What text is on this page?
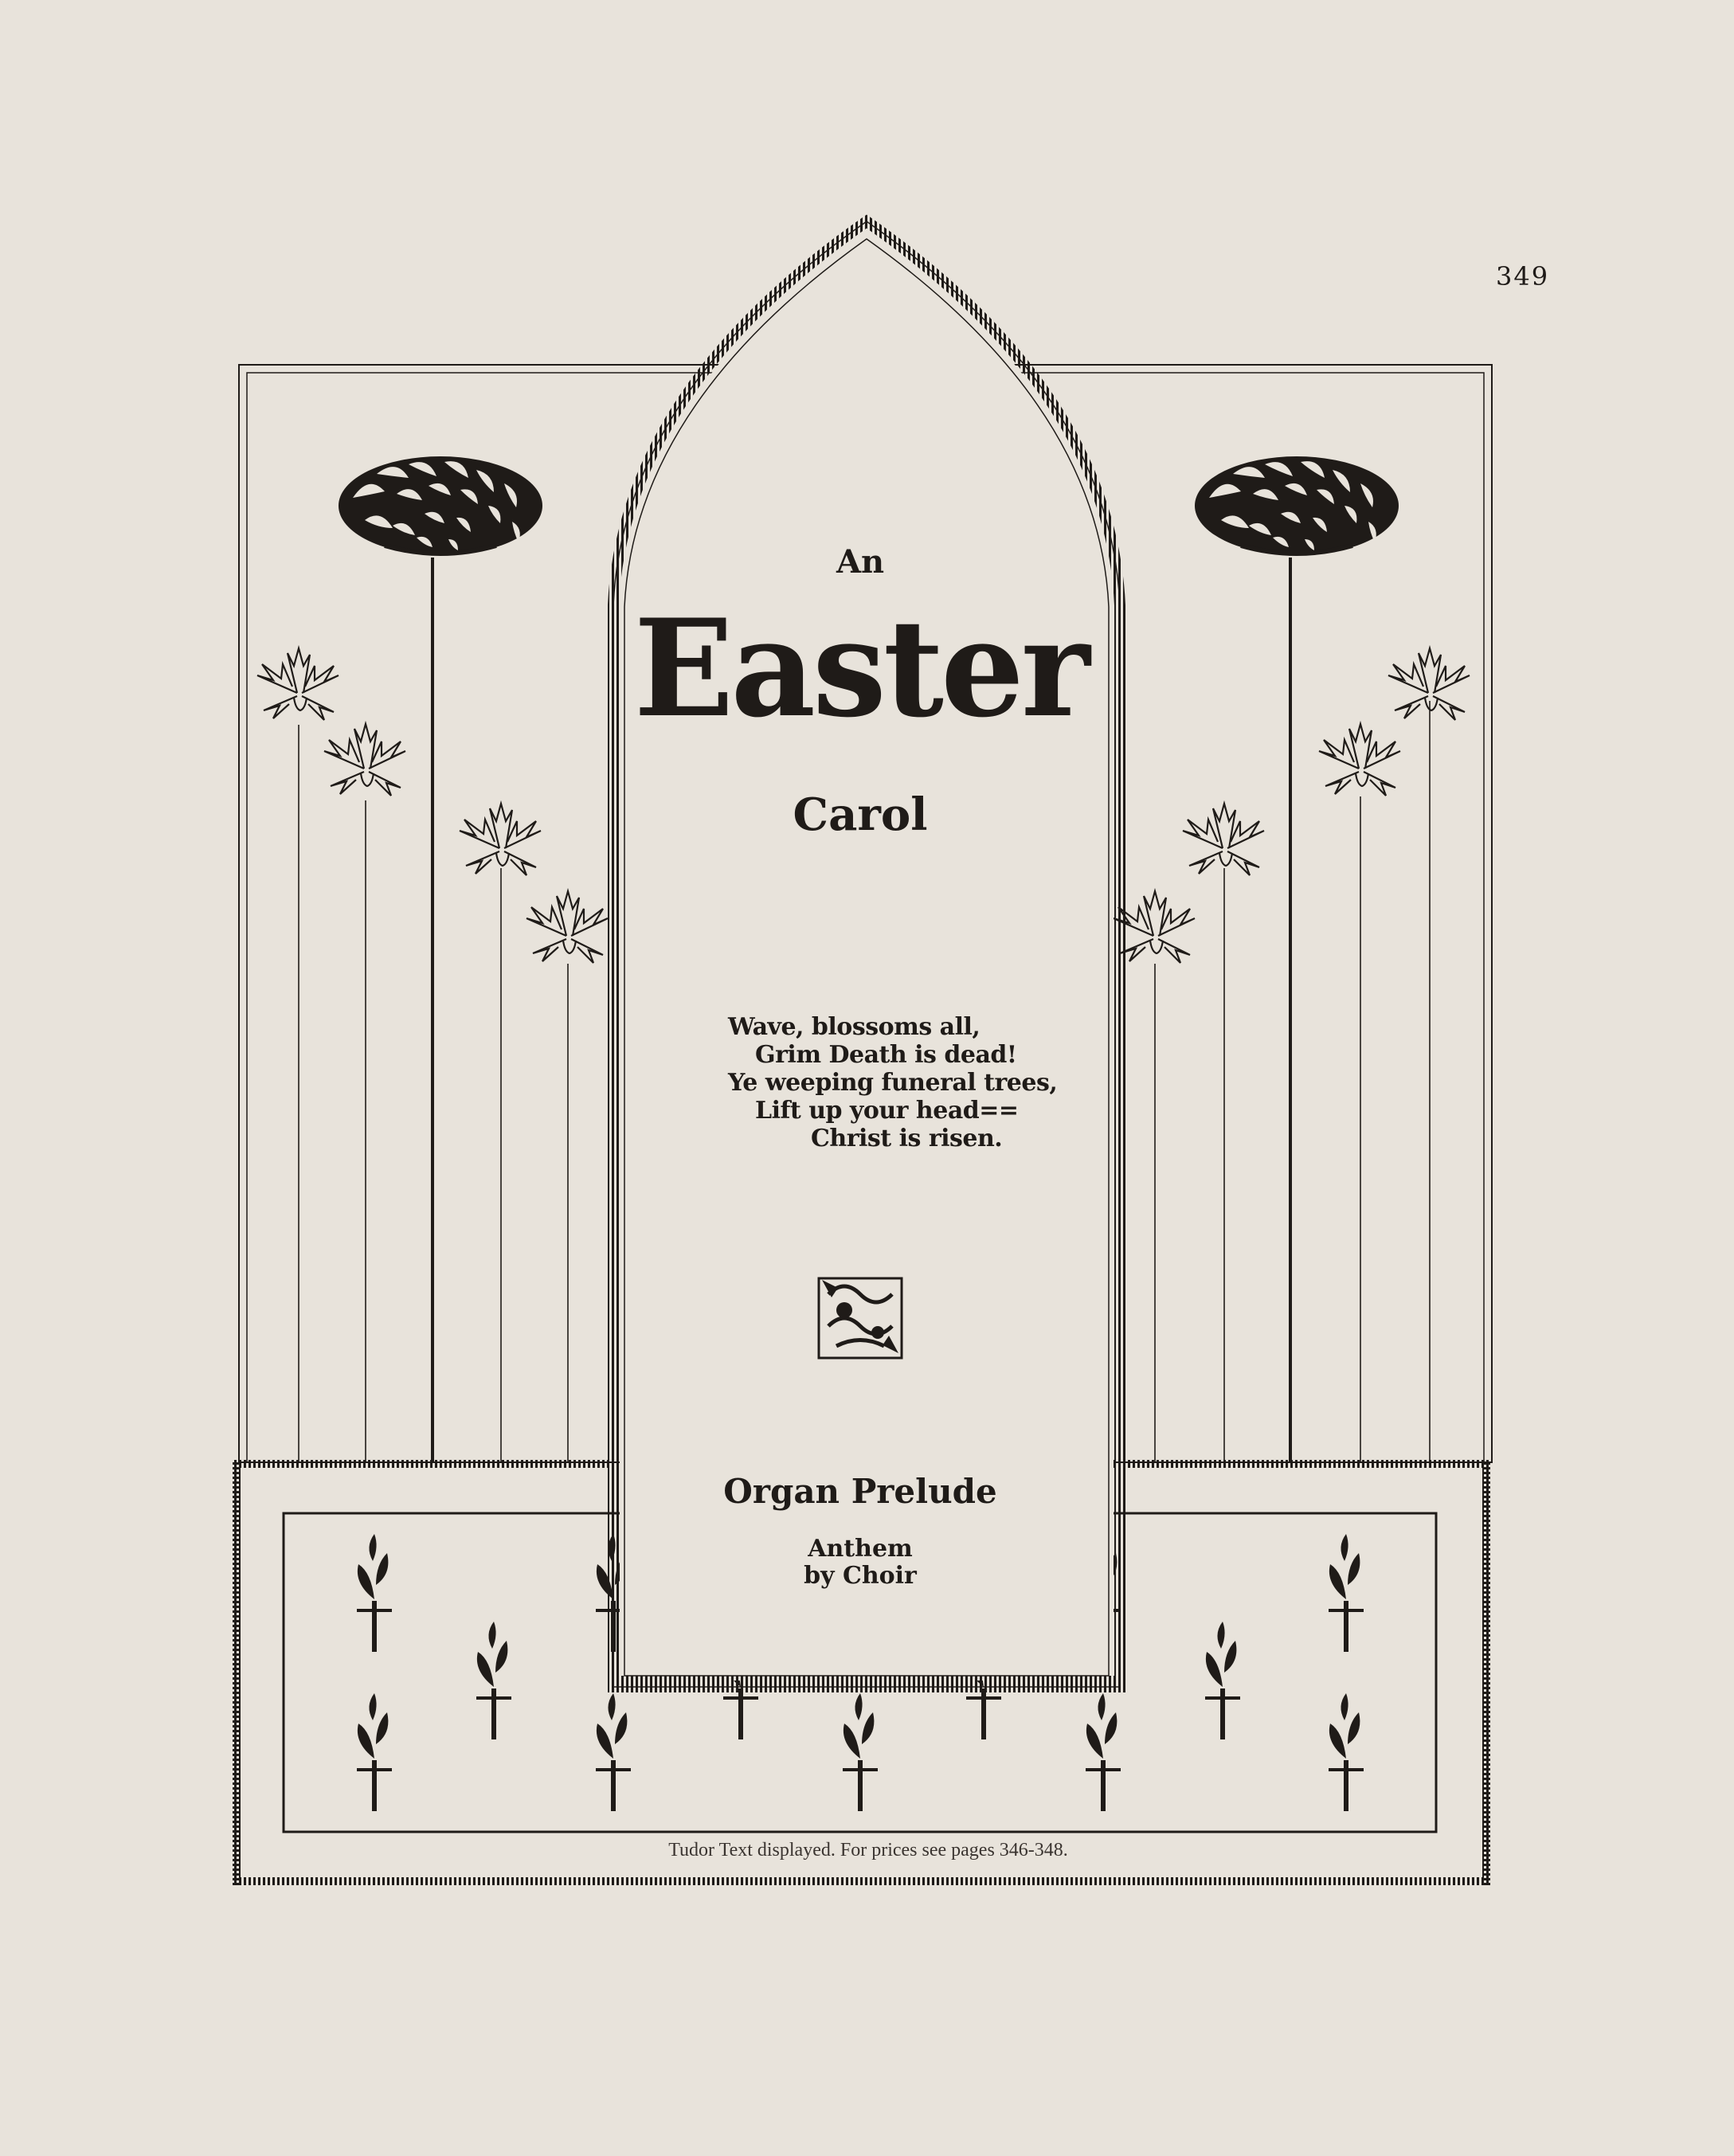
349
An
Easter
Carol
Wave, blossoms all,
Grim Death is dead!
Ye weeping funeral trees,
Lift up your head==
Christ is risen.
Organ Prelude
Anthem
by Choir
Tudor Text displayed. For prices see pages 346-348.
